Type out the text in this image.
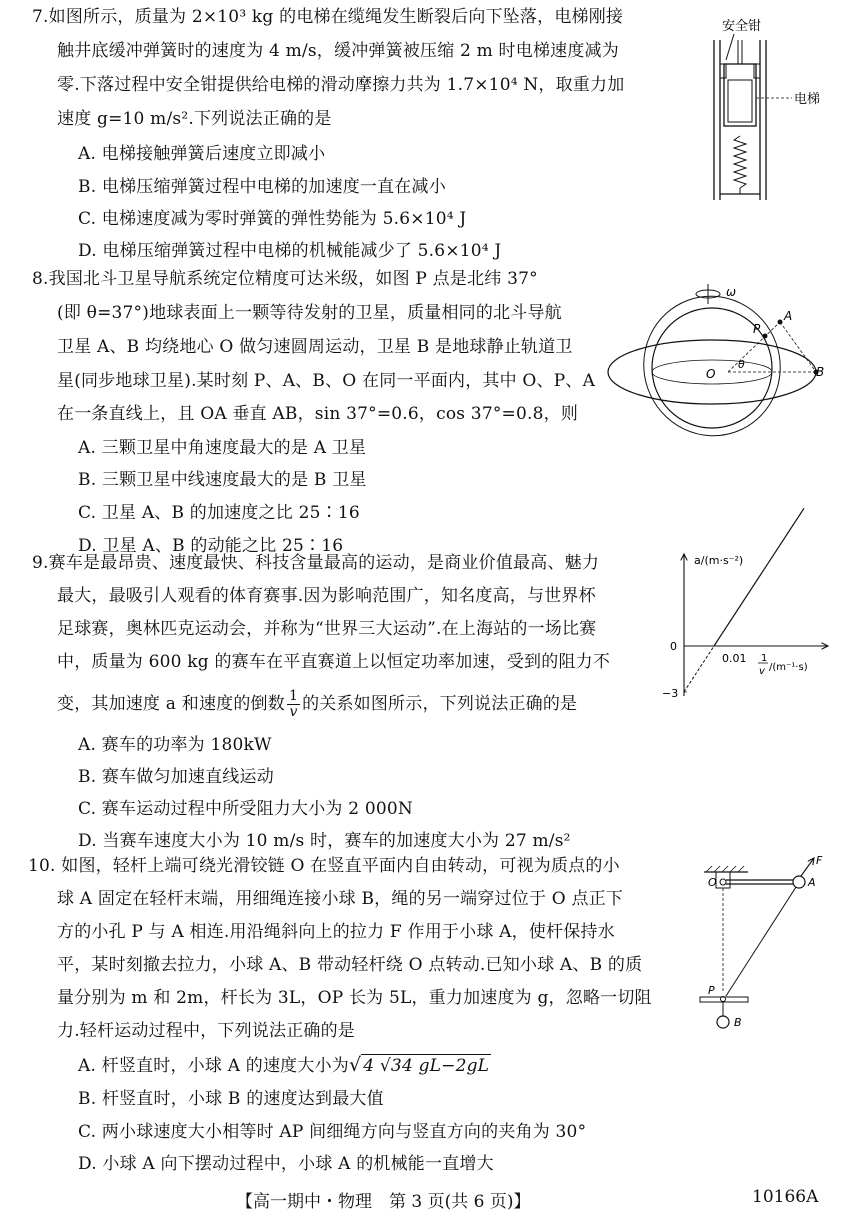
7.如图所示，质量为 2×10³ kg 的电梯在缆绳发生断裂后向下坠落，电梯刚接
触井底缓冲弹簧时的速度为 4 m/s，缓冲弹簧被压缩 2 m 时电梯速度减为
零.下落过程中安全钳提供给电梯的滑动摩擦力共为 1.7×10⁴ N，取重力加
速度 g=10 m/s².下列说法正确的是
A. 电梯接触弹簧后速度立即减小
B. 电梯压缩弹簧过程中电梯的加速度一直在减小
C. 电梯速度减为零时弹簧的弹性势能为 5.6×10⁴ J
D. 电梯压缩弹簧过程中电梯的机械能减少了 5.6×10⁴ J
安全钳
电梯
8.我国北斗卫星导航系统定位精度可达米级，如图 P 点是北纬 37°
(即 θ=37°)地球表面上一颗等待发射的卫星，质量相同的北斗导航
卫星 A、B 均绕地心 O 做匀速圆周运动，卫星 B 是地球静止轨道卫
星(同步地球卫星).某时刻 P、A、B、O 在同一平面内，其中 O、P、A
在一条直线上，且 OA 垂直 AB，sin 37°=0.6，cos 37°=0.8，则
A. 三颗卫星中角速度最大的是 A 卫星
B. 三颗卫星中线速度最大的是 B 卫星
C. 卫星 A、B 的加速度之比 25∶16
D. 卫星 A、B 的动能之比 25∶16
ω
A
P
B
O
θ
9.赛车是最昂贵、速度最快、科技含量最高的运动，是商业价值最高、魅力
最大，最吸引人观看的体育赛事.因为影响范围广，知名度高，与世界杯
足球赛，奥林匹克运动会，并称为“世界三大运动”.在上海站的一场比赛
中，质量为 600 kg 的赛车在平直赛道上以恒定功率加速，受到的阻力不
变，其加速度 a 和速度的倒数 $\frac{1}{v}$ 的关系如图所示，下列说法正确的是
A. 赛车的功率为 180kW
B. 赛车做匀加速直线运动
C. 赛车运动过程中所受阻力大小为 2 000N
D. 当赛车速度大小为 10 m/s 时，赛车的加速度大小为 27 m/s²
a/(m·s⁻²)
0
0.01
−3
1
v /(m⁻¹·s)
10. 如图，轻杆上端可绕光滑铰链 O 在竖直平面内自由转动，可视为质点的小
球 A 固定在轻杆末端，用细绳连接小球 B，绳的另一端穿过位于 O 点正下
方的小孔 P 与 A 相连.用沿绳斜向上的拉力 F 作用于小球 A，使杆保持水
平，某时刻撤去拉力，小球 A、B 带动轻杆绕 O 点转动.已知小球 A、B 的质
量分别为 m 和 2m，杆长为 3L，OP 长为 5L，重力加速度为 g，忽略一切阻
力.轻杆运动过程中，下列说法正确的是
A. 杆竖直时，小球 A 的速度大小为√ 4 √34 gL−2gL
B. 杆竖直时，小球 B 的速度达到最大值
C. 两小球速度大小相等时 AP 间细绳方向与竖直方向的夹角为 30°
D. 小球 A 向下摆动过程中，小球 A 的机械能一直增大
O	A
F
P
B
【高一期中・物理　第 3 页(共 6 页)】	10166A
